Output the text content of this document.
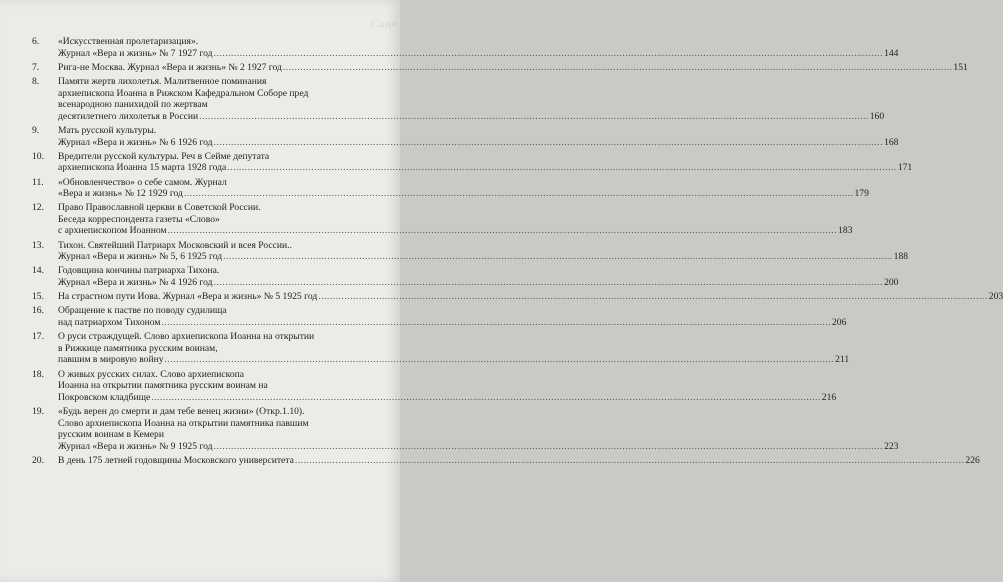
Соде
6.	«Искусственная пролетаризация».
Журнал «Вера и жизнь» № 7 1927 год .....	144
7.	Рига-не Москва. Журнал «Вера и жизнь» № 2 1927 год .....	151
8.	Памяти жертв лихолетья. Малитвенное поминания
архиепископа Иоанна в Рижском Кафедральном Соборе пред
всенародною панихидой по жертвам
десятилетнего лихолетья в России .....	160
9.	Мать русской культуры.
Журнал «Вера и жизнь» № 6 1926 год .....	168
10.	Вредители русской культуры. Реч в Сейме депутата
архиепископа Иоанна 15 марта 1928 года .....	171
11.	«Обновленчество» о себе самом. Журнал
«Вера и жизнь» № 12 1929 год .....	179
12.	Право Православной церкви в Советской России.
Беседа корреспондента газеты «Слово»
с архиепископом Иоанном .....	183
13.	Тихон. Святейший Патриарх Московский и всея России..
Журнал «Вера и жизнь» № 5, 6 1925 год .....	188
14.	Годовщина кончины патриарха Тихона.
Журнал «Вера и жизнь» № 4 1926 год .....	200
15.	На страстном пути Иова. Журнал «Вера и жизнь» № 5 1925 год .....	203
16.	Обращение к пастве по поводу судилища
над патриархом Тихоном .....	206
17.	О руси страждущей. Слово архиепископа Иоанна на открытии
в Рижкице памятника русским воинам,
павшим в мировую войну .....	211
18.	О живых русских силах. Слово архиепископа
Иоанна на открытии памятника русским воинам на
Покровском кладбище .....	216
19.	«Будь верен до смерти и дам тебе венец жизни» (Откр.1.10).
Слово архиепископа Иоанна на открытии памятника павшим
русским воинам в Кемери
Журнал «Вера и жизнь» № 9 1925 год .....	223
20.	В день 175 летней годовщины Московского университета .....	226
